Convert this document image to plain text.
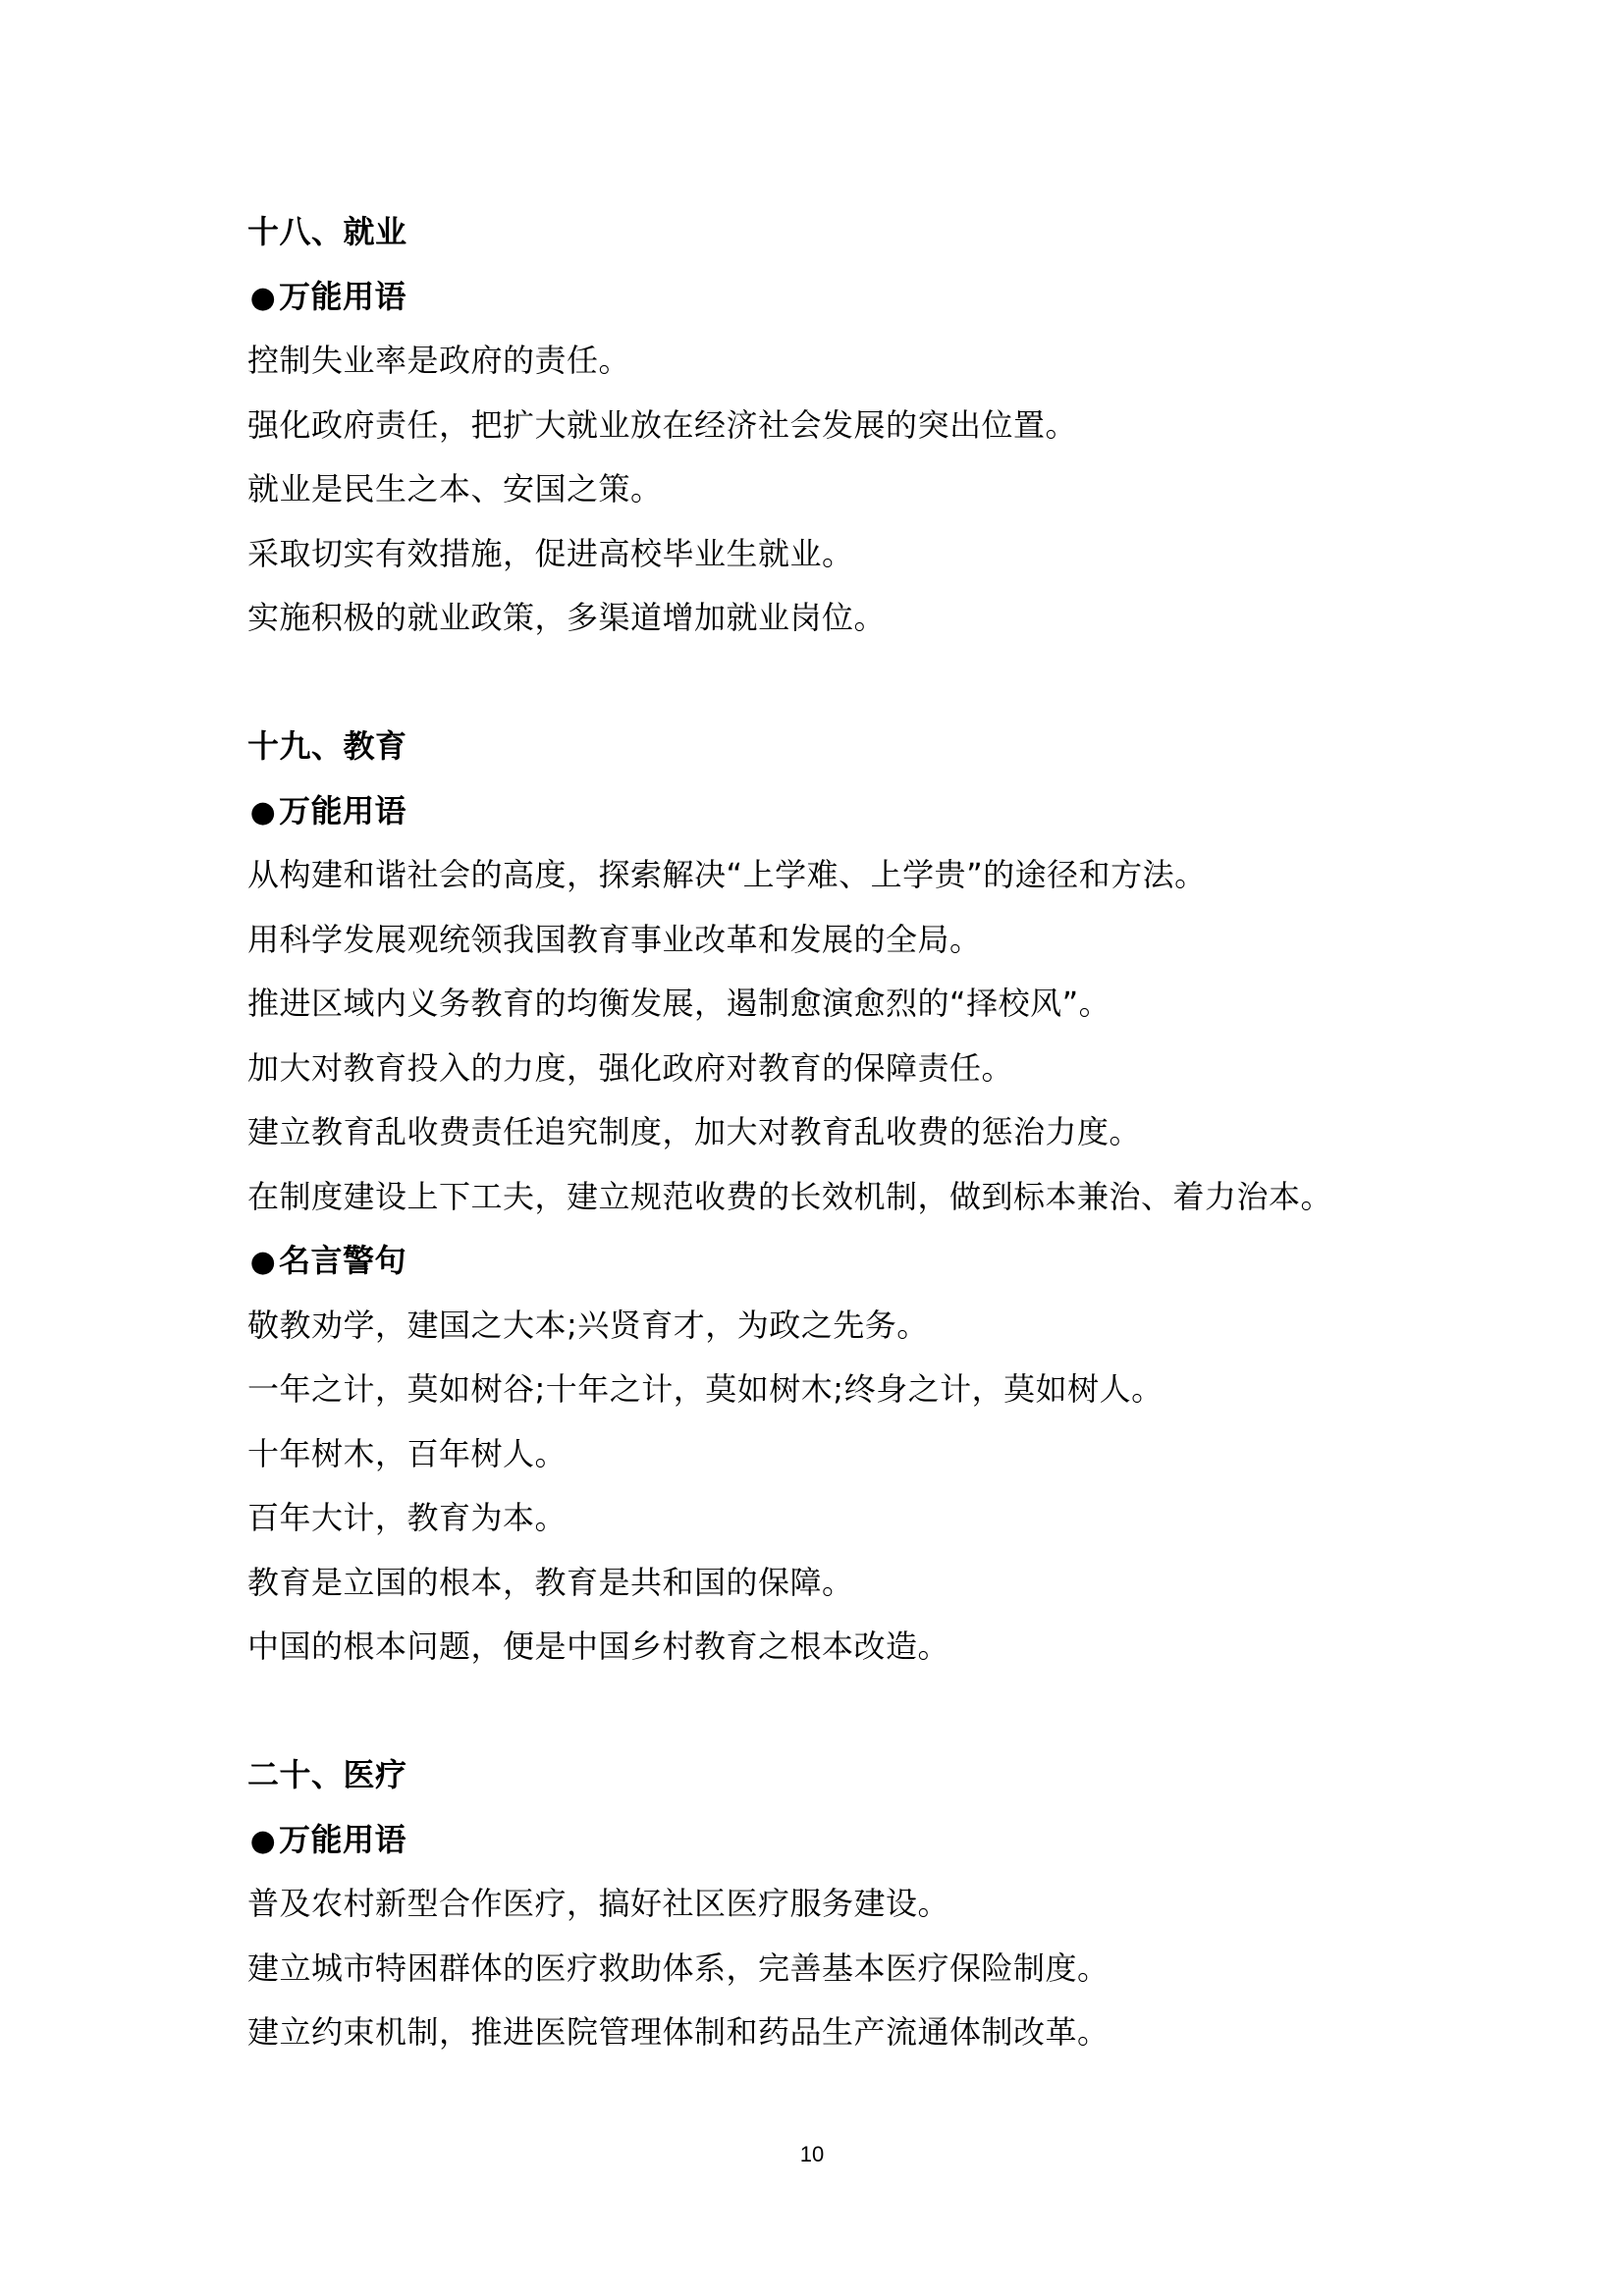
十八、就业
●万能用语
控制失业率是政府的责任。
强化政府责任，把扩大就业放在经济社会发展的突出位置。
就业是民生之本、安国之策。
采取切实有效措施，促进高校毕业生就业。
实施积极的就业政策，多渠道增加就业岗位。
十九、教育
●万能用语
从构建和谐社会的高度，探索解决“上学难、上学贵”的途径和方法。
用科学发展观统领我国教育事业改革和发展的全局。
推进区域内义务教育的均衡发展，遏制愈演愈烈的“择校风”。
加大对教育投入的力度，强化政府对教育的保障责任。
建立教育乱收费责任追究制度，加大对教育乱收费的惩治力度。
在制度建设上下工夫，建立规范收费的长效机制，做到标本兼治、着力治本。
●名言警句
敬教劝学，建国之大本;兴贤育才，为政之先务。
一年之计，莫如树谷;十年之计，莫如树木;终身之计，莫如树人。
十年树木，百年树人。
百年大计，教育为本。
教育是立国的根本，教育是共和国的保障。
中国的根本问题，便是中国乡村教育之根本改造。
二十、医疗
●万能用语
普及农村新型合作医疗，搞好社区医疗服务建设。
建立城市特困群体的医疗救助体系，完善基本医疗保险制度。
建立约束机制，推进医院管理体制和药品生产流通体制改革。
10
